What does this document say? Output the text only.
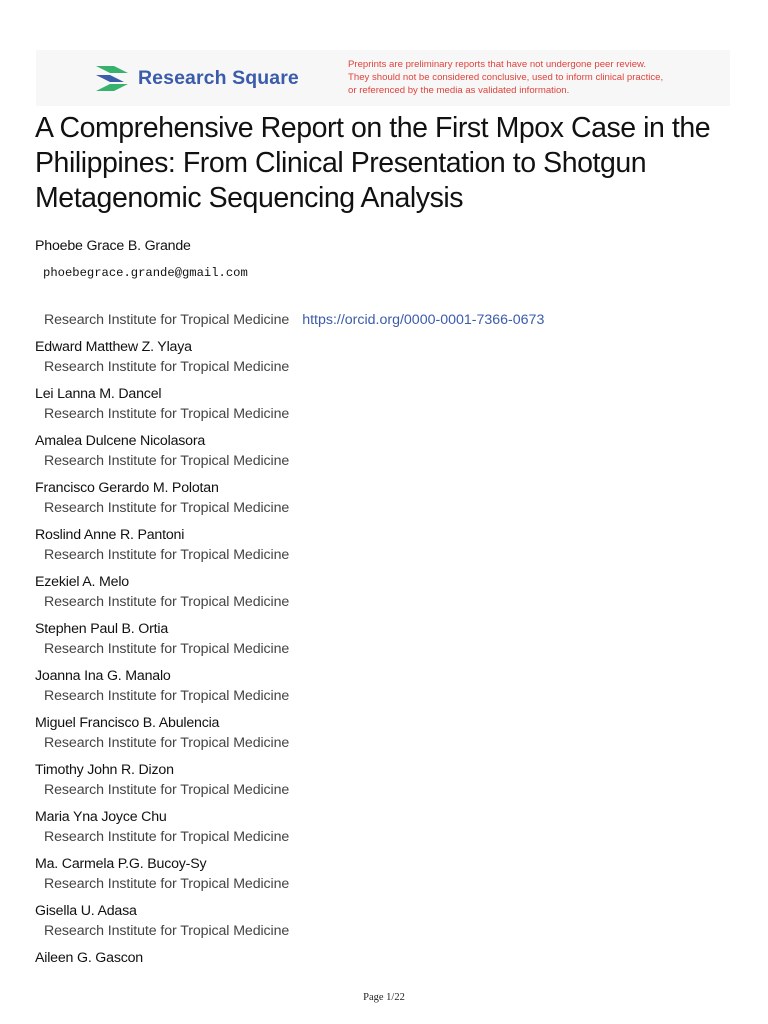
Research Square
Preprints are preliminary reports that have not undergone peer review.
They should not be considered conclusive, used to inform clinical practice,
or referenced by the media as validated information.
A Comprehensive Report on the First Mpox Case in the Philippines: From Clinical Presentation to Shotgun Metagenomic Sequencing Analysis
Phoebe Grace B. Grande
phoebegrace.grande@gmail.com
Research Institute for Tropical Medicine https://orcid.org/0000-0001-7366-0673
Edward Matthew Z. Ylaya
Research Institute for Tropical Medicine
Lei Lanna M. Dancel
Research Institute for Tropical Medicine
Amalea Dulcene Nicolasora
Research Institute for Tropical Medicine
Francisco Gerardo M. Polotan
Research Institute for Tropical Medicine
Roslind Anne R. Pantoni
Research Institute for Tropical Medicine
Ezekiel A. Melo
Research Institute for Tropical Medicine
Stephen Paul B. Ortia
Research Institute for Tropical Medicine
Joanna Ina G. Manalo
Research Institute for Tropical Medicine
Miguel Francisco B. Abulencia
Research Institute for Tropical Medicine
Timothy John R. Dizon
Research Institute for Tropical Medicine
Maria Yna Joyce Chu
Research Institute for Tropical Medicine
Ma. Carmela P.G. Bucoy-Sy
Research Institute for Tropical Medicine
Gisella U. Adasa
Research Institute for Tropical Medicine
Aileen G. Gascon
Page 1/22
